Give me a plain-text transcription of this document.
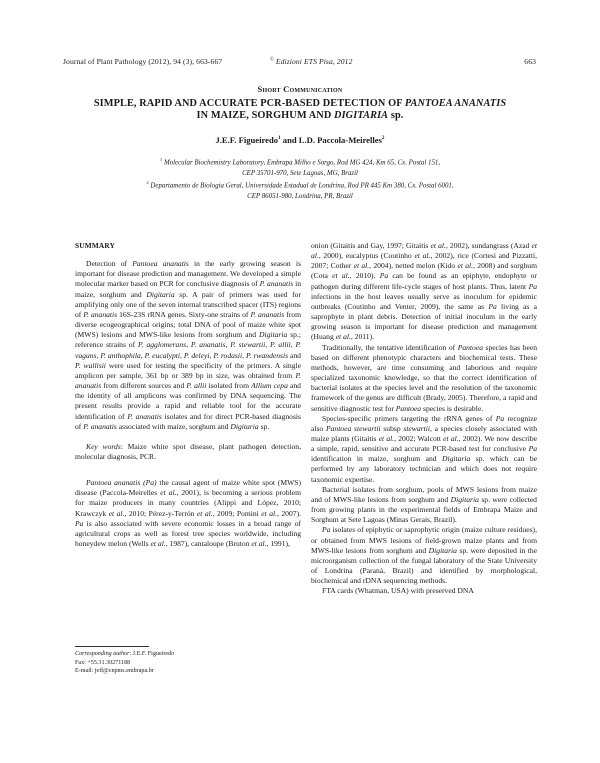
Journal of Plant Pathology (2012), 94 (3), 663-667	© Edizioni ETS Pisa, 2012	663
Short Communication
SIMPLE, RAPID AND ACCURATE PCR-BASED DETECTION OF PANTOEA ANANATIS
IN MAIZE, SORGHUM AND DIGITARIA sp.
J.E.F. Figueiredo$^1$ and L.D. Paccola-Meirelles$^2$
$^1$ Molecular Biochemistry Laboratory, Embrapa Milho e Sorgo, Rod MG 424, Km 65, Cx. Postal 151,
CEP 35701-970, Sete Lagoas, MG, Brazil
$^2$ Departamento de Biologia Geral, Universidade Estadual de Londrina, Rod PR 445 Km 380, Cx. Postal 6001,
CEP 86051-980, Londrina, PR, Brazil

SUMMARY

Detection of Pantoea ananatis in the early growing season is important for disease prediction and management. We developed a simple molecular marker based on PCR for conclusive diagnosis of P. ananatis in maize, sorghum and Digitaria sp. A pair of primers was used for amplifying only one of the seven internal transcribed spacer (ITS) regions of P. ananatis 16S-23S rRNA genes. Sixty-one strains of P. ananatis from diverse ecogeographical origins; total DNA of pool of maize white spot (MWS) lesions and MWS-like lesions from sorghum and Digitaria sp.; reference strains of P. agglomerans, P. ananatis, P. stewartii, P. allii, P. vagans, P. anthophila, P. eucalypti, P. deleyi, P. rodasii, P. rwandensis and P. wallisii were used for testing the specificity of the primers. A single amplicon per sample, 361 bp or 389 bp in size, was obtained from P. ananatis from different sources and P. allii isolated from Allium cepa and the identity of all amplicons was confirmed by DNA sequencing. The present results provide a rapid and reliable tool for the accurate identification of P. ananatis isolates and for direct PCR-based diagnosis of P. ananatis associated with maize, sorghum and Digitaria sp.

Key words: Maize white spot disease, plant pathogen detection, molecular diagnosis, PCR.

Pantoea ananatis (Pa) the causal agent of maize white spot (MWS) disease (Paccola-Meirelles et al., 2001), is becoming a serious problem for maize producers in many countries (Alippi and López, 2010; Krawczyk et al., 2010; Pérez-y-Terrón et al., 2009; Pomini et al., 2007). Pa is also associated with severe economic losses in a broad range of agricultural crops as well as forest tree species worldwide, including honeydew melon (Wells et al., 1987), cantaloupe (Bruton et al., 1991),

Corresponding author: J.E.F. Figueiredo
Fax: +55.31.30271188
E-mail: jeff@cnpms.embrapa.br

onion (Gitaitis and Gay, 1997; Gitaitis et al., 2002), sundangrass (Azad et al., 2000), eucalyptus (Coutinho et al., 2002), rice (Cortesi and Pizzatti, 2007; Cother et al., 2004), netted melon (Kido et al., 2008) and sorghum (Cota et al., 2010). Pa can be found as an epiphyte, endophyte or pathogen during different life-cycle stages of host plants. Thus, latent Pa infections in the host leaves usually serve as inoculum for epidemic outbreaks (Coutinho and Venter, 2009), the same as Pa living as a saprophyte in plant debris. Detection of initial inoculum in the early growing season is important for disease prediction and management (Huang et al., 2011).

Traditionally, the tentative identification of Pantoea species has been based on different phenotypic characters and biochemical tests. These methods, however, are time consuming and laborious and require specialized taxonomic knowledge, so that the correct identification of bacterial isolates at the species level and the resolution of the taxonomic framework of the genus are difficult (Brady, 2005). Therefore, a rapid and sensitive diagnostic test for Pantoea species is desirable.

Species-specific primers targeting the rRNA genes of Pa recognize also Pantoea stewartii subsp stewartii, a species closely associated with maize plants (Gitaitis et al., 2002; Walcott et al., 2002). We now describe a simple, rapid, sensitive and accurate PCR-based test for conclusive Pa identification in maize, sorghum and Digitaria sp. which can be performed by any laboratory technician and which does not require taxonomic expertise.

Bacterial isolates from sorghum, pools of MWS lesions from maize and of MWS-like lesions from sorghum and Digitaria sp. were collected from growing plants in the experimental fields of Embrapa Maize and Sorghum at Sete Lagoas (Minas Gerais, Brazil).

Pa isolates of epiphytic or saprophytic origin (maize culture residues), or obtained from MWS lesions of field-grown maize plants and from MWS-like lesions from sorghum and Digitaria sp. were deposited in the microorganism collection of the fungal laboratory of the State University of Londrina (Paraná, Brazil) and identified by morphological, biochemical and rDNA sequencing methods.

FTA cards (Whatman, USA) with preserved DNA
